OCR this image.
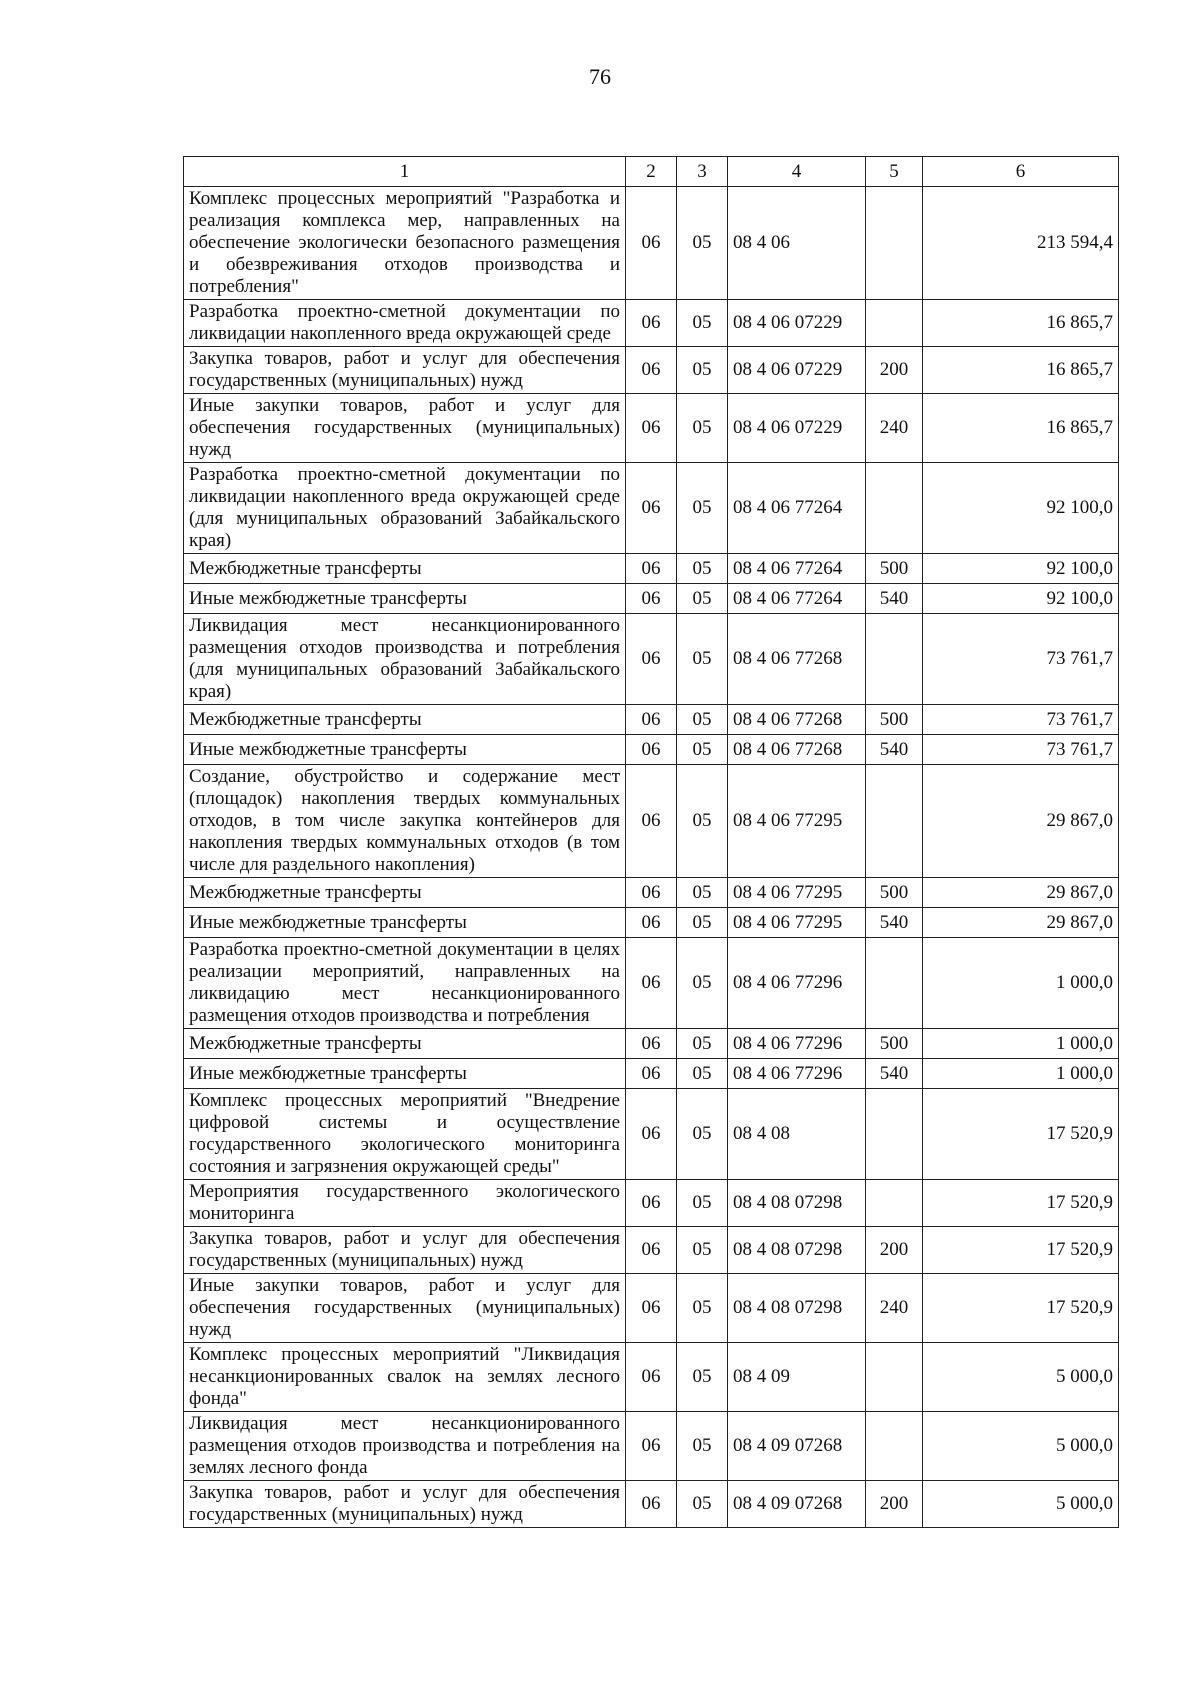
76
1	2	3	4	5	6
Комплекс процессных мероприятий "Разработка и реализация комплекса мер, направленных на обеспечение экологически безопасного размещения и обезвреживания отходов производства и потребления"	06	05	08 4 06		213 594,4
Разработка проектно-сметной документации по ликвидации накопленного вреда окружающей среде	06	05	08 4 06 07229		16 865,7
Закупка товаров, работ и услуг для обеспечения государственных (муниципальных) нужд	06	05	08 4 06 07229	200	16 865,7
Иные закупки товаров, работ и услуг для обеспечения государственных (муниципальных) нужд	06	05	08 4 06 07229	240	16 865,7
Разработка проектно-сметной документации по ликвидации накопленного вреда окружающей среде (для муниципальных образований Забайкальского края)	06	05	08 4 06 77264		92 100,0
Межбюджетные трансферты	06	05	08 4 06 77264	500	92 100,0
Иные межбюджетные трансферты	06	05	08 4 06 77264	540	92 100,0
Ликвидация мест несанкционированного размещения отходов производства и потребления (для муниципальных образований Забайкальского края)	06	05	08 4 06 77268		73 761,7
Межбюджетные трансферты	06	05	08 4 06 77268	500	73 761,7
Иные межбюджетные трансферты	06	05	08 4 06 77268	540	73 761,7
Создание, обустройство и содержание мест (площадок) накопления твердых коммунальных отходов, в том числе закупка контейнеров для накопления твердых коммунальных отходов (в том числе для раздельного накопления)	06	05	08 4 06 77295		29 867,0
Межбюджетные трансферты	06	05	08 4 06 77295	500	29 867,0
Иные межбюджетные трансферты	06	05	08 4 06 77295	540	29 867,0
Разработка проектно-сметной документации в целях реализации мероприятий, направленных на ликвидацию мест несанкционированного размещения отходов производства и потребления	06	05	08 4 06 77296		1 000,0
Межбюджетные трансферты	06	05	08 4 06 77296	500	1 000,0
Иные межбюджетные трансферты	06	05	08 4 06 77296	540	1 000,0
Комплекс процессных мероприятий "Внедрение цифровой системы и осуществление государственного экологического мониторинга состояния и загрязнения окружающей среды"	06	05	08 4 08		17 520,9
Мероприятия государственного экологического мониторинга	06	05	08 4 08 07298		17 520,9
Закупка товаров, работ и услуг для обеспечения государственных (муниципальных) нужд	06	05	08 4 08 07298	200	17 520,9
Иные закупки товаров, работ и услуг для обеспечения государственных (муниципальных) нужд	06	05	08 4 08 07298	240	17 520,9
Комплекс процессных мероприятий "Ликвидация несанкционированных свалок на землях лесного фонда"	06	05	08 4 09		5 000,0
Ликвидация мест несанкционированного размещения отходов производства и потребления на землях лесного фонда	06	05	08 4 09 07268		5 000,0
Закупка товаров, работ и услуг для обеспечения государственных (муниципальных) нужд	06	05	08 4 09 07268	200	5 000,0
